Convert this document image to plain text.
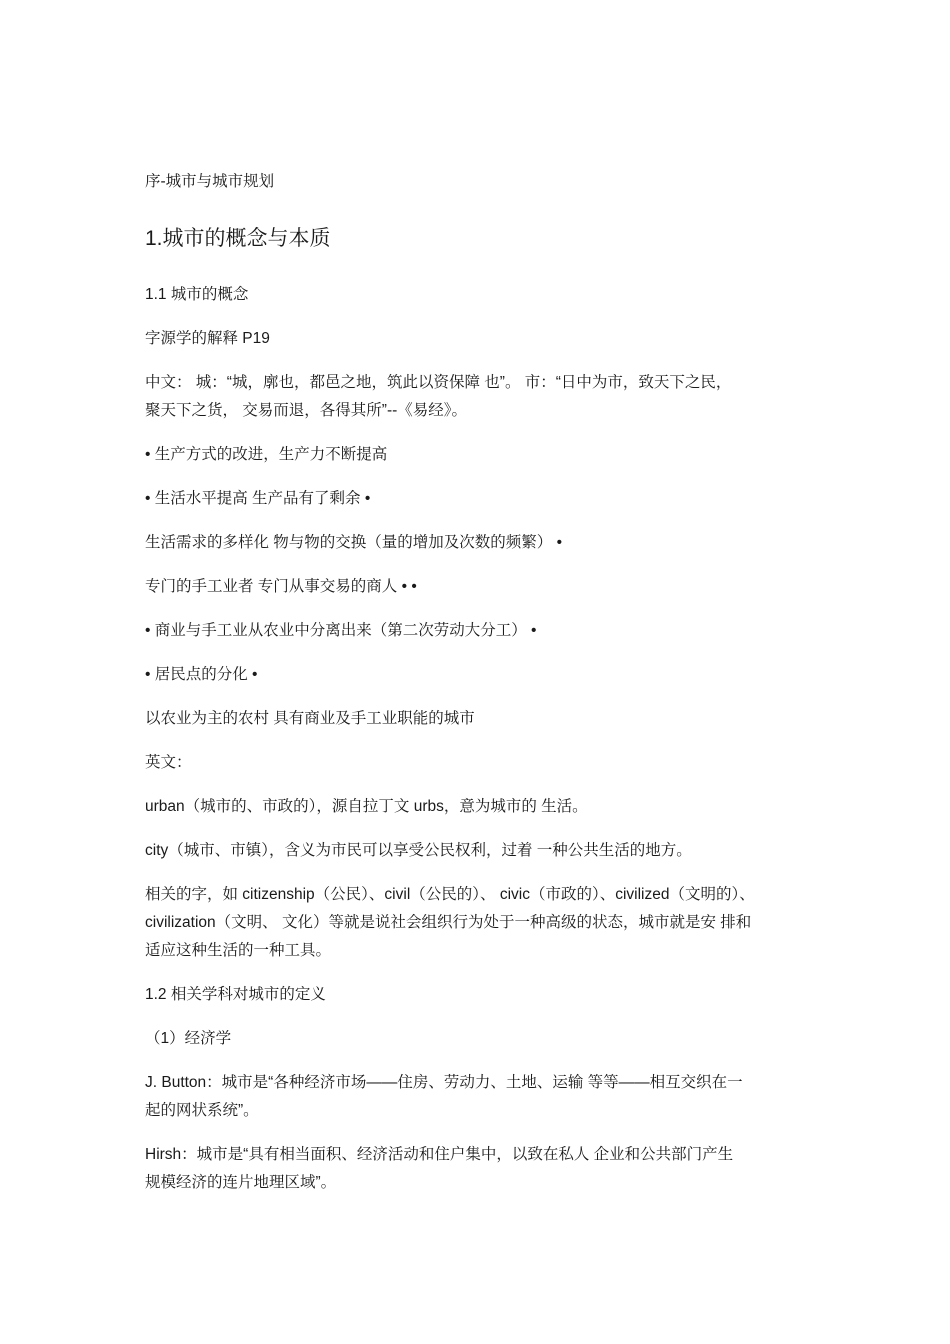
序-城市与城市规划

1.城市的概念与本质

1.1 城市的概念

字源学的解释 P19

中文： 城：“城，廓也，都邑之地，筑此以资保障 也”。 市：“日中为市，致天下之民，

聚天下之货， 交易而退，各得其所”--《易经》。

• 生产方式的改进，生产力不断提高

• 生活水平提高 生产品有了剩余 •

生活需求的多样化 物与物的交换（量的增加及次数的频繁） •

专门的手工业者 专门从事交易的商人 • •

• 商业与手工业从农业中分离出来（第二次劳动大分工） •

• 居民点的分化 •

以农业为主的农村 具有商业及手工业职能的城市

英文：

urban（城市的、市政的），源自拉丁文 urbs，意为城市的 生活。

city（城市、市镇），含义为市民可以享受公民权利，过着 一种公共生活的地方。

相关的字，如 citizenship（公民）、civil（公民的）、 civic（市政的）、civilized（文明的）、

civilization（文明、 文化）等就是说社会组织行为处于一种高级的状态，城市就是安 排和

适应这种生活的一种工具。

1.2 相关学科对城市的定义

（1）经济学

J. Button：城市是“各种经济市场——住房、劳动力、土地、运输 等等——相互交织在一

起的网状系统”。

Hirsh：城市是“具有相当面积、经济活动和住户集中，以致在私人 企业和公共部门产生

规模经济的连片地理区域”。
